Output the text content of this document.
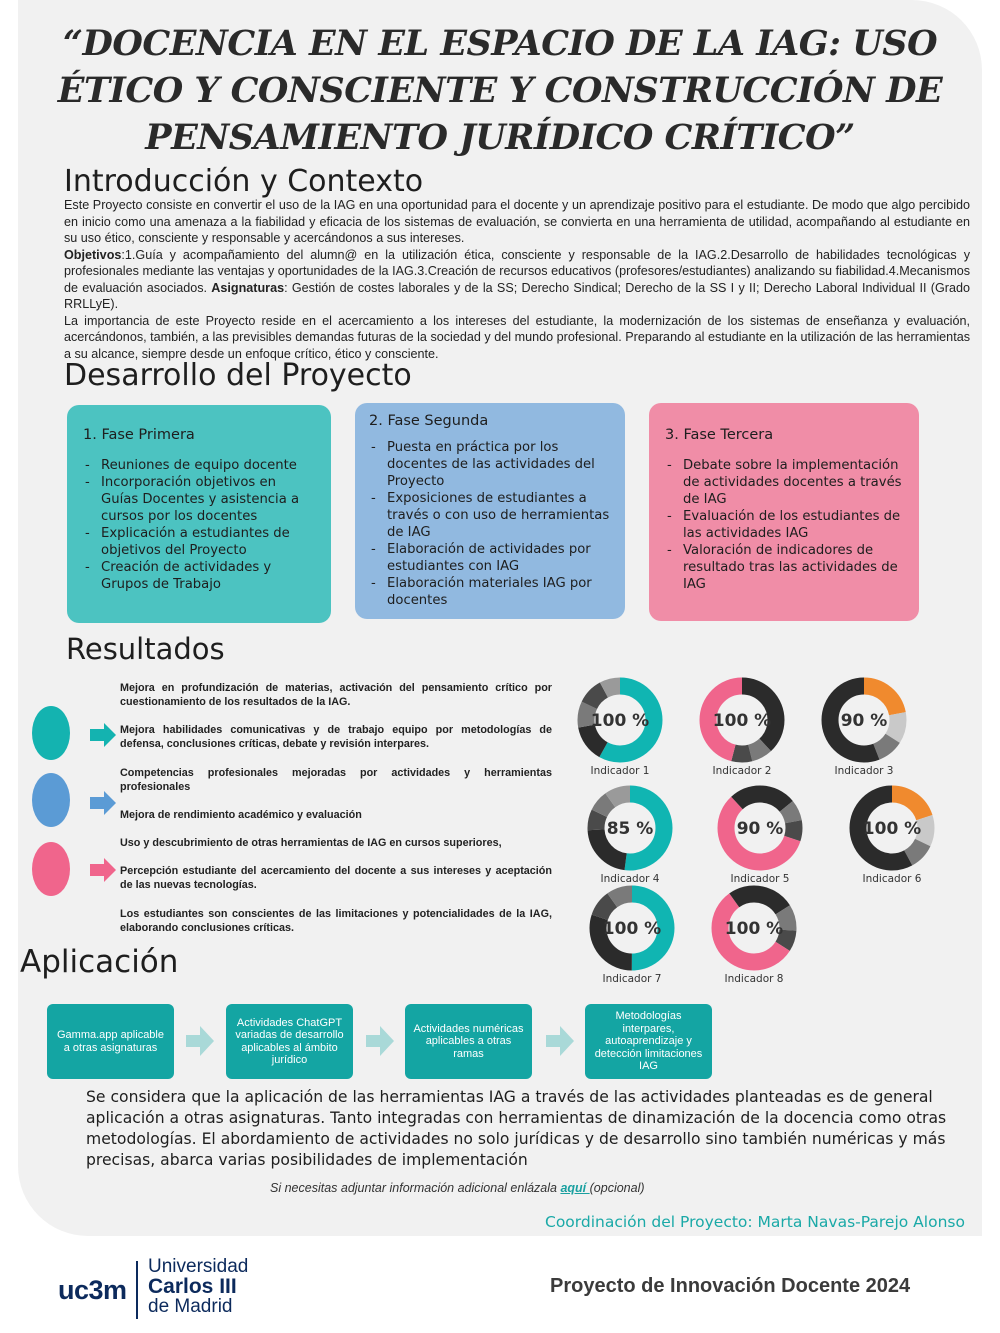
“DOCENCIA EN EL ESPACIO DE LA IAG: USO ÉTICO Y CONSCIENTE Y CONSTRUCCIÓN DE PENSAMIENTO JURÍDICO CRÍTICO”
Introducción y Contexto

Este Proyecto consiste en convertir el uso de la IAG en una oportunidad para el docente y un aprendizaje positivo para el estudiante. De modo que algo percibido en inicio como una amenaza a la fiabilidad y eficacia de los sistemas de evaluación, se convierta en una herramienta de utilidad, acompañando al estudiante en su uso ético, consciente y responsable y acercándonos a sus intereses.

Objetivos:1.Guía y acompañamiento del alumn@ en la utilización ética, consciente y responsable de la IAG.2.Desarrollo de habilidades tecnológicas y profesionales mediante las ventajas y oportunidades de la IAG.3.Creación de recursos educativos (profesores/estudiantes) analizando su fiabilidad.4.Mecanismos de evaluación asociados. Asignaturas: Gestión de costes laborales y de la SS; Derecho Sindical; Derecho de la SS I y II; Derecho Laboral Individual II (Grado RRLLyE).

La importancia de este Proyecto reside en el acercamiento a los intereses del estudiante, la modernización de los sistemas de enseñanza y evaluación, acercándonos, también, a las previsibles demandas futuras de la sociedad y del mundo profesional. Preparando al estudiante en la utilización de las herramientas a su alcance, siempre desde un enfoque crítico, ético y consciente.

Desarrollo del Proyecto
1. Fase Primera
- Reuniones de equipo docente
- Incorporación objetivos en Guías Docentes y asistencia a cursos por los docentes
- Explicación a estudiantes de objetivos del Proyecto
- Creación de actividades y Grupos de Trabajo
2. Fase Segunda
- Puesta en práctica por los docentes de las actividades del Proyecto
- Exposiciones de estudiantes a través o con uso de herramientas de IAG
- Elaboración de actividades por estudiantes con IAG
- Elaboración materiales IAG por docentes
3. Fase Tercera
- Debate sobre la implementación de actividades docentes a través de IAG
- Evaluación de los estudiantes de las actividades IAG
- Valoración de indicadores de resultado tras las actividades de IAG
Resultados

Mejora en profundización de materias, activación del pensamiento crítico por cuestionamiento de los resultados de la IAG.

Mejora habilidades comunicativas y de trabajo equipo por metodologías de defensa, conclusiones críticas, debate y revisión interpares.

Competencias profesionales mejoradas por actividades y herramientas profesionales

Mejora de rendimiento académico y evaluación

Uso y descubrimiento de otras herramientas de IAG en cursos superiores,

Percepción estudiante del acercamiento del docente a sus intereses y aceptación de las nuevas tecnologías.

Los estudiantes son conscientes de las limitaciones y potencialidades de la IAG, elaborando conclusiones críticas.

100 %
Indicador 1
100 %
Indicador 2
90 %
Indicador 3
85 %
Indicador 4
90 %
Indicador 5
100 %
Indicador 6
100 %
Indicador 7
100 %
Indicador 8
Aplicación
Gamma.app aplicable a otras asignaturas
Actividades ChatGPT variadas de desarrollo aplicables al ámbito jurídico
Actividades numéricas aplicables a otras ramas
Metodologías interpares, autoaprendizaje y detección limitaciones IAG

Se considera que la aplicación de las herramientas IAG a través de las actividades planteadas es de general aplicación a otras asignaturas. Tanto integradas con herramientas de dinamización de la docencia como otras metodologías. El abordamiento de actividades no solo jurídicas y de desarrollo sino también numéricas y más precisas, abarca varias posibilidades de implementación

Si necesitas adjuntar información adicional enlázala aquí (opcional)

Coordinación del Proyecto: Marta Navas-Parejo Alonso

uc3m
Universidad
Carlos III
de Madrid
Proyecto de Innovación Docente 2024
